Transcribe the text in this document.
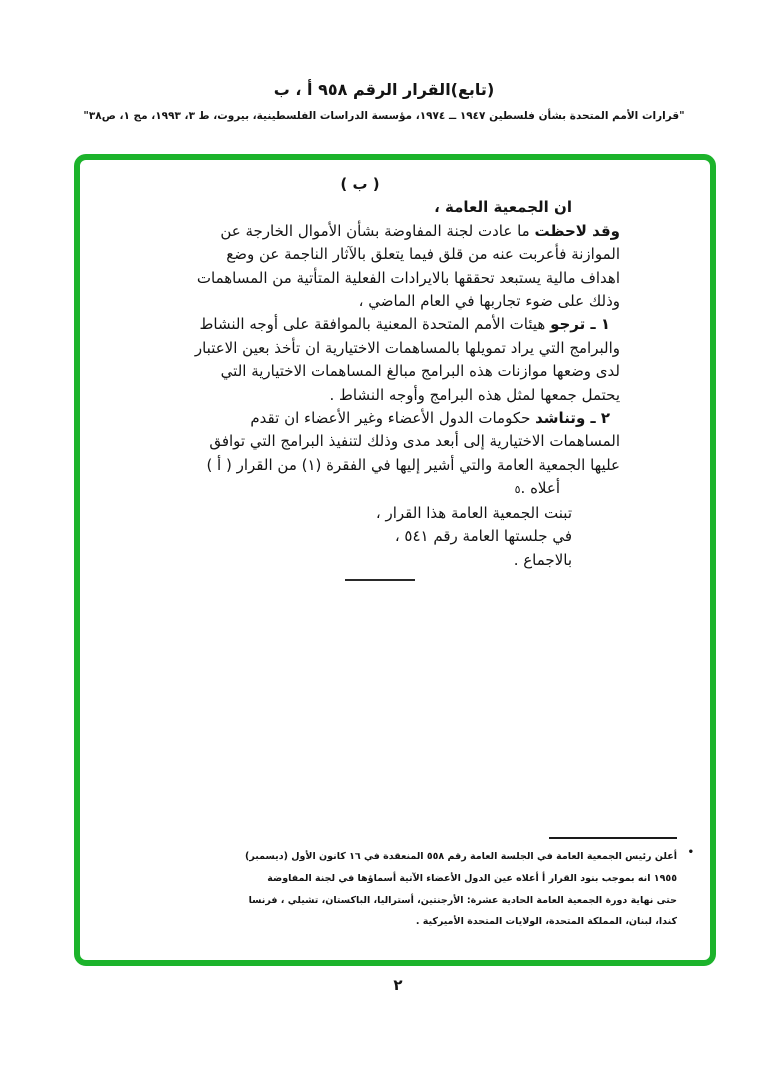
(تابع)القرار الرقم ٩٥٨ أ ، ب
"قرارات الأمم المتحدة بشأن فلسطين ١٩٤٧ ــ ١٩٧٤، مؤسسة الدراسات الفلسطينية، بيروت، ط ٣، ١٩٩٣، مج ١، ص٣٨"
( ب )
ان الجمعية العامة ،
وقد لاحظت ما عادت لجنة المفاوضة بشأن الأموال الخارجة عن
الموازنة فأعربت عنه من قلق فيما يتعلق بالآثار الناجمة عن وضع
اهداف مالية يستبعد تحققها بالايرادات الفعلية المتأتية من المساهمات
وذلك على ضوء تجاربها في العام الماضي ،
١ ـ ترجو هيئات الأمم المتحدة المعنية بالموافقة على أوجه النشاط
والبرامج التي يراد تمويلها بالمساهمات الاختيارية ان تأخذ بعين الاعتبار
لدى وضعها موازنات هذه البرامج مبالغ المساهمات الاختيارية التي
يحتمل جمعها لمثل هذه البرامج وأوجه النشاط .
٢ ـ وتناشد حكومات الدول الأعضاء وغير الأعضاء ان تقدم
المساهمات الاختيارية إلى أبعد مدى وذلك لتنفيذ البرامج التي توافق
عليها الجمعية العامة والتي أشير إليها في الفقرة (١) من القرار ( أ )
أعلاه .٥
تبنت الجمعية العامة هذا القرار ،
في جلستها العامة رقم ٥٤١ ،
بالاجماع .
•
أعلن رئيس الجمعية العامة في الجلسة العامة رقم ٥٥٨ المنعقدة في ١٦ كانون الأول (ديسمبر)
١٩٥٥ انه بموجب بنود القرار أ أعلاه عين الدول الأعضاء الآتية أسماؤها في لجنة المفاوضة
حتى نهاية دورة الجمعية العامة الحادية عشرة: الأرجنتين، أستراليا، الباكستان، تشيلي ، فرنسا
كندا، لبنان، المملكة المتحدة، الولايات المتحدة الأميركية .
٢
